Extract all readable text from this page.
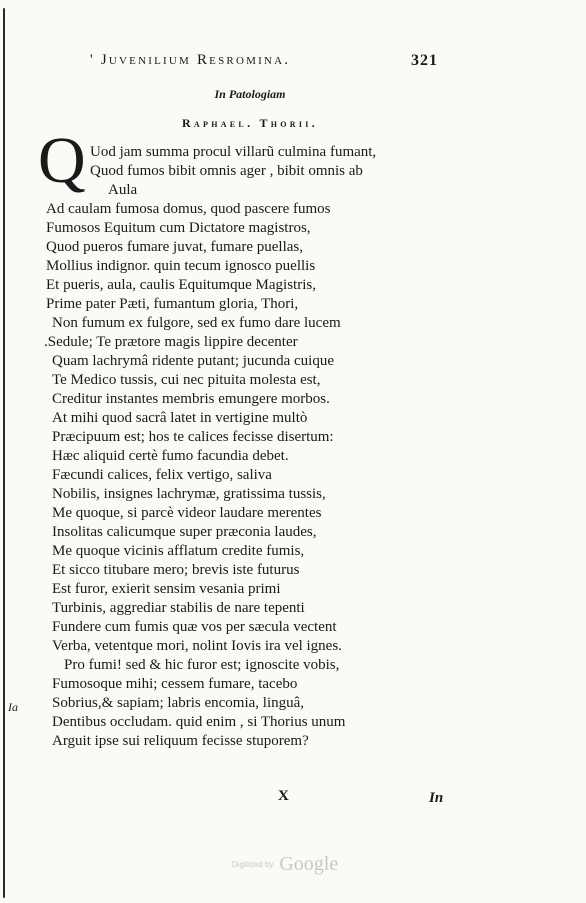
' Juvenilium Resromina.	321
In Patologiam
Raphael. Thorii.
Q Uod jam summa procul villarũ culmina fumant,
Quod fumos bibit omnis ager , bibit omnis ab
Aula
Ad caulam fumosa domus, quod pascere fumos
Fumosos Equitum cum Dictatore magistros,
Quod pueros fumare juvat, fumare puellas,
Mollius indignor. quin tecum ignosco puellis
Et pueris, aula, caulis Equitumque Magistris,
Prime pater Pæti, fumantum gloria, Thori,
Non fumum ex fulgore, sed ex fumo dare lucem
.Sedule; Te prætore magis lippire decenter
Quam lachrymâ ridente putant; jucunda cuique
Te Medico tussis, cui nec pituita molesta est,
Creditur instantes membris emungere morbos.
At mihi quod sacrâ latet in vertigine multò
Præcipuum est; hos te calices fecisse disertum:
Hæc aliquid certè fumo facundia debet.
Fæcundi calices, felix vertigo, saliva
Nobilis, insignes lachrymæ, gratissima tussis,
Me quoque, si parcè videor laudare merentes
Insolitas calicumque super præconia laudes,
Me quoque vicinis afflatum credite fumis,
Et sicco titubare mero; brevis iste futurus
Est furor, exierit sensim vesania primi
Turbinis, aggrediar stabilis de nare tepenti
Fundere cum fumis quæ vos per sæcula vectent
Verba, vetentque mori, nolint Iovis ira vel ignes.
Pro fumi! sed & hic furor est; ignoscite vobis,
Fumosoque mihi; cessem fumare, tacebo
Sobrius,& sapiam; labris encomia, linguâ,
Dentibus occludam. quid enim , si Thorius unum
Arguit ipse sui reliquum fecisse stuporem?
Ia
X	In
Digitized by Google
